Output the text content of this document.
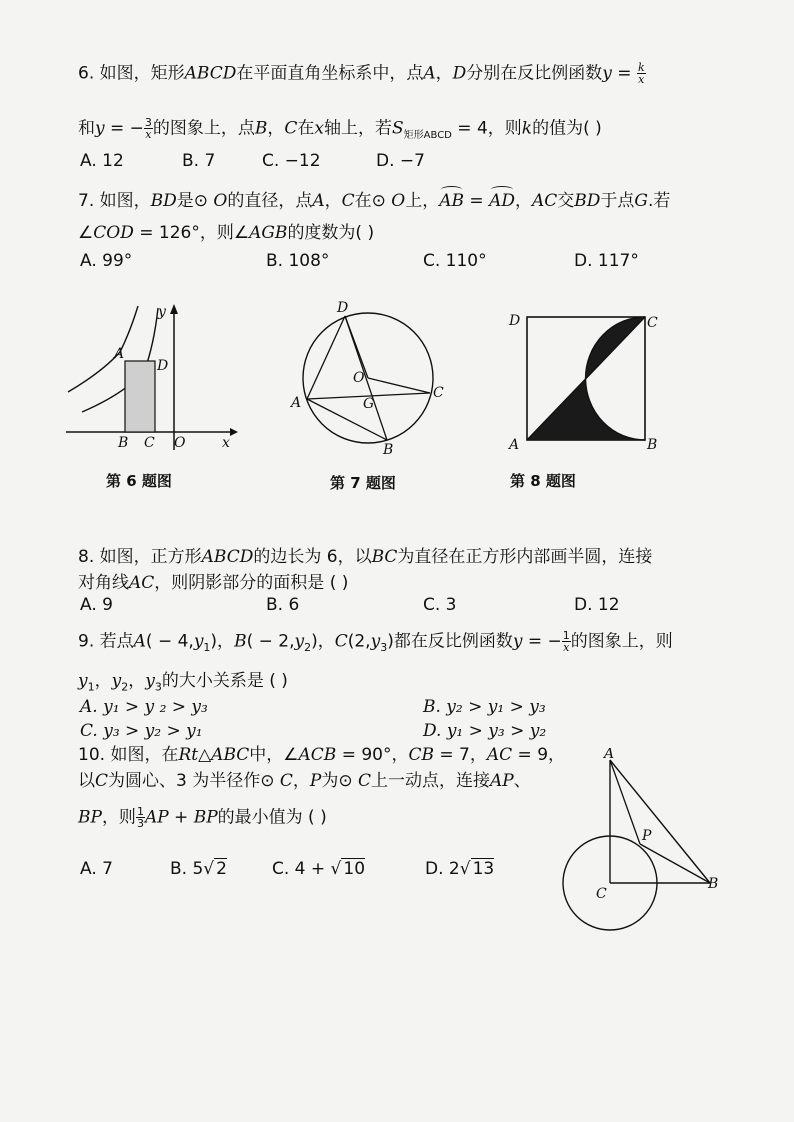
6. 如图，矩形ABCD在平面直角坐标系中，点A，D分别在反比例函数$y = \frac{k}{x}$
和y = − $\frac{3}{x}$ 的图象上，点B，C在x轴上，若$S_{矩形ABCD} = 4$，则k的值为( )
A. 12	B. 7	C. −12	D. −7
7. 如图，BD是⊙ O的直径，点A，C在⊙ O上，
AB =
AD，AC交BD于点G.若
∠COD = 126°，则∠AGB的度数为( )
A. 99°	B. 108°	C. 110°	D. 117°
x
y
A
D
B C O
第 6 题图
D
O
A	G
C
B
第 7 题图
D	C
A	B
第 8 题图
8. 如图，正方形ABCD的边长为 6，以BC为直径在正方形内部画半圆，连接
对角线AC，则阴影部分的面积是 ( )
A. 9	B. 6	C. 3	D. 12
9. 若点$A( - 4,y_1)$，$B( - 2,y_2)$，$C(2,y_3)$都在反比例函数y = − $\frac{1}{x}$ 的图象上，则
$y_1$，$y_2$，$y_3$的大小关系是 ( )
A. y₁ > y ₂ > y₃	B. y₂ > y₁ > y₃
C. y₃ > y₂ > y₁	D. y₁ > y₃ > y₂
10. 如图，在Rt△ABC中，∠ACB = 90°，CB = 7，AC = 9，
以C为圆心、3 为半径作⊙ C，P为⊙ C上一动点，连接AP、
BP，则 $\frac{1}{3}$ AP + BP的最小值为 ( )
A. 7	B. 5√ 2	C. 4 + √ 10	D. 2√ 13
A
P
C
B
